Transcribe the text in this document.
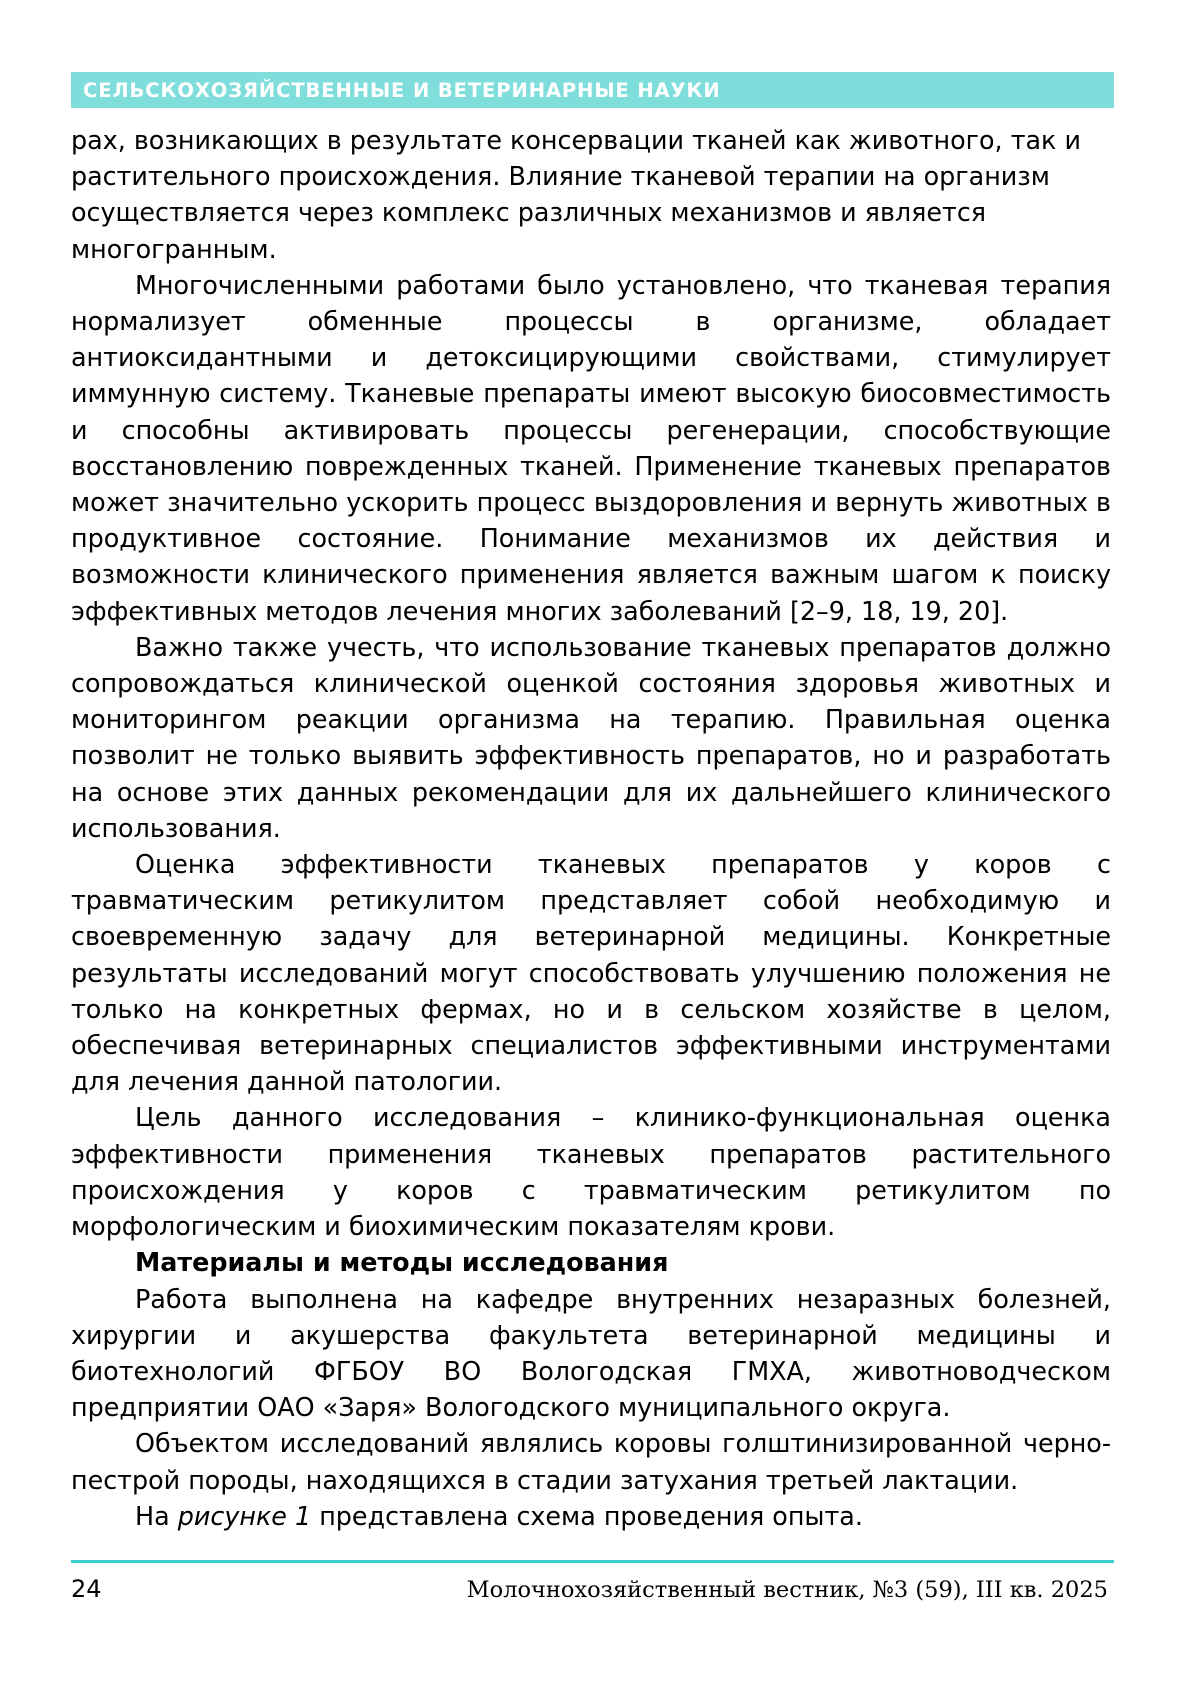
СЕЛЬСКОХОЗЯЙСТВЕННЫЕ И ВЕТЕРИНАРНЫЕ НАУКИ

рах, возникающих в результате консервации тканей как животного, так и растительного происхождения. Влияние тканевой терапии на организм осуществляется через комплекс различных механизмов и является многогранным.

Многочисленными работами было установлено, что тканевая терапия нормализует обменные процессы в организме, обладает антиоксидантными и детоксицирующими свойствами, стимулирует иммунную систему. Тканевые препараты имеют высокую биосовместимость и способны активировать процессы регенерации, способствующие восстановлению поврежденных тканей. Применение тканевых препаратов может значительно ускорить процесс выздоровления и вернуть животных в продуктивное состояние. Понимание механизмов их действия и возможности клинического применения является важным шагом к поиску эффективных методов лечения многих заболеваний [2–9, 18, 19, 20].

Важно также учесть, что использование тканевых препаратов должно сопровождаться клинической оценкой состояния здоровья животных и мониторингом реакции организма на терапию. Правильная оценка позволит не только выявить эффективность препаратов, но и разработать на основе этих данных рекомендации для их дальнейшего клинического использования.

Оценка эффективности тканевых препаратов у коров с травматическим ретикулитом представляет собой необходимую и своевременную задачу для ветеринарной медицины. Конкретные результаты исследований могут способствовать улучшению положения не только на конкретных фермах, но и в сельском хозяйстве в целом, обеспечивая ветеринарных специалистов эффективными инструментами для лечения данной патологии.

Цель данного исследования – клинико-функциональная оценка эффективности применения тканевых препаратов растительного происхождения у коров с травматическим ретикулитом по морфологическим и биохимическим показателям крови.

Материалы и методы исследования

Работа выполнена на кафедре внутренних незаразных болезней, хирургии и акушерства факультета ветеринарной медицины и биотехнологий ФГБОУ ВО Вологодская ГМХА, животноводческом предприятии ОАО «Заря» Вологодского муниципального округа.

Объектом исследований являлись коровы голштинизированной черно-пестрой породы, находящихся в стадии затухания третьей лактации.

На рисунке 1 представлена схема проведения опыта.

24	Молочнохозяйственный вестник, №3 (59), III кв. 2025
